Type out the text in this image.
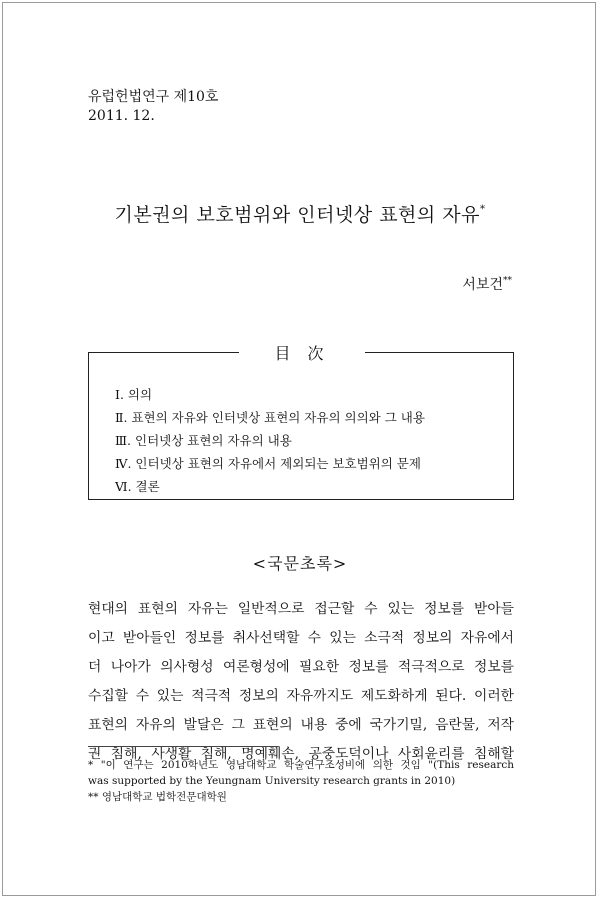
유럽헌법연구 제10호
2011. 12.
기본권의 보호범위와 인터넷상 표현의 자유*
서보건**
目 次
Ⅰ. 의의
Ⅱ. 표현의 자유와 인터넷상 표현의 자유의 의의와 그 내용
Ⅲ. 인터넷상 표현의 자유의 내용
Ⅳ. 인터넷상 표현의 자유에서 제외되는 보호범위의 문제
Ⅵ. 결론
<국문초록>
현대의 표현의 자유는 일반적으로 접근할 수 있는 정보를 받아들
이고 받아들인 정보를 취사선택할 수 있는 소극적 정보의 자유에서
더 나아가 의사형성 여론형성에 필요한 정보를 적극적으로 정보를
수집할 수 있는 적극적 정보의 자유까지도 제도화하게 된다. 이러한
표현의 자유의 발달은 그 표현의 내용 중에 국가기밀, 음란물, 저작
권 침해, 사생활 침해, 명예훼손, 공중도덕이나 사회윤리를 침해할
* "이 연구는 2010학년도 영남대학교 학술연구조성비에 의한 것임 "(This research
was supported by the Yeungnam University research grants in 2010)
** 영남대학교 법학전문대학원
